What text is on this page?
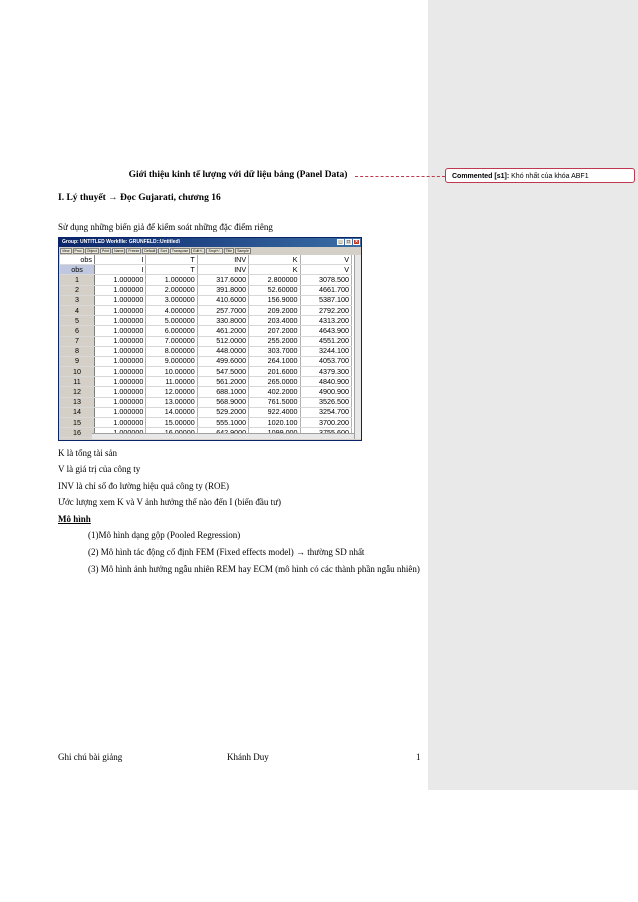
Commented [s1]: Khó nhất của khóa ABF1
Giới thiệu kinh tế lượng với dữ liệu bảng (Panel Data)
I. Lý thuyết → Đọc Gujarati, chương 16
Sử dụng những biến giả để kiểm soát những đặc điểm riêng
Group: UNTITLED Workfile: GRUNFELD::Untitled\	_	□	×
View	Proc	Object	Print	Name	Freeze	Default	Sort	Transpose	Edit+/-	Smpl+/-	Title	Sample
obs	I	T	INV	K	V
obs	I	T	INV	K	V
1	1.000000	1.000000	317.6000	2.800000	3078.500
2	1.000000	2.000000	391.8000	52.60000	4661.700
3	1.000000	3.000000	410.6000	156.9000	5387.100
4	1.000000	4.000000	257.7000	209.2000	2792.200
5	1.000000	5.000000	330.8000	203.4000	4313.200
6	1.000000	6.000000	461.2000	207.2000	4643.900
7	1.000000	7.000000	512.0000	255.2000	4551.200
8	1.000000	8.000000	448.0000	303.7000	3244.100
9	1.000000	9.000000	499.6000	264.1000	4053.700
10	1.000000	10.00000	547.5000	201.6000	4379.300
11	1.000000	11.00000	561.2000	265.0000	4840.900
12	1.000000	12.00000	688.1000	402.2000	4900.900
13	1.000000	13.00000	568.9000	761.5000	3526.500
14	1.000000	14.00000	529.2000	922.4000	3254.700
15	1.000000	15.00000	555.1000	1020.100	3700.200
16					

K là tổng tài sản
V là giá trị của công ty
INV là chỉ số đo lường hiệu quả công ty (ROE)
Ước lượng xem K và V ảnh hưởng thế nào đến I (biến đầu tư)
Mô hình
(1)Mô hình dạng gộp (Pooled Regression)
(2) Mô hình tác động cố định FEM (Fixed effects model) → thường SD nhất
(3) Mô hình ảnh hưởng ngẫu nhiên REM hay ECM (mô hình có các thành phần ngẫu nhiên)
Ghi chú bài giảng	Khánh Duy	1
